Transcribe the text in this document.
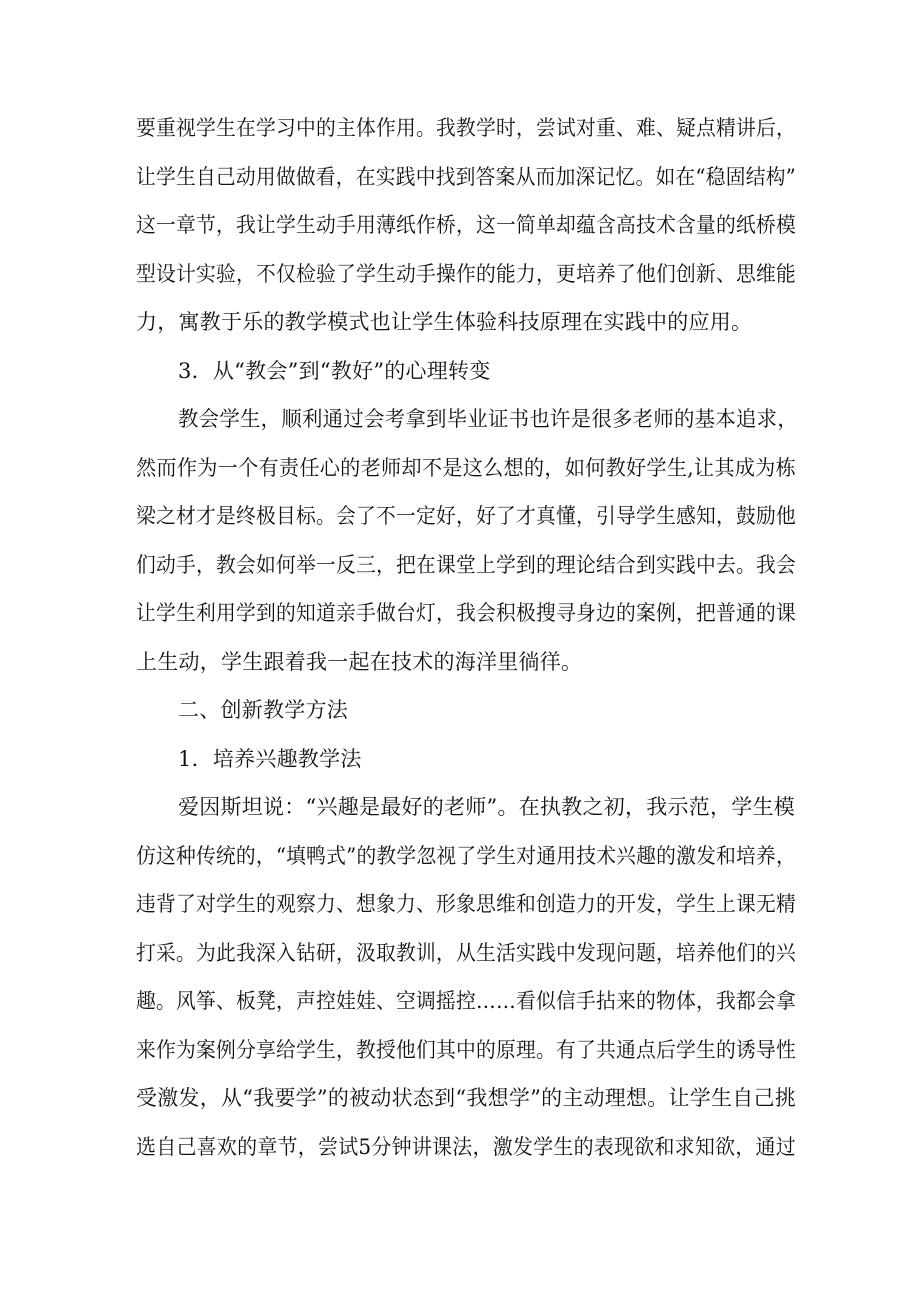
要重视学生在学习中的主体作用。我教学时，尝试对重、难、疑点精讲后，
让学生自己动用做做看，在实践中找到答案从而加深记忆。如在“稳固结构”
这一章节，我让学生动手用薄纸作桥，这一简单却蕴含高技术含量的纸桥模
型设计实验，不仅检验了学生动手操作的能力，更培养了他们创新、思维能
力，寓教于乐的教学模式也让学生体验科技原理在实践中的应用。
3．从“教会”到“教好”的心理转变
教会学生，顺利通过会考拿到毕业证书也许是很多老师的基本追求，
然而作为一个有责任心的老师却不是这么想的，如何教好学生,让其成为栋
梁之材才是终极目标。会了不一定好，好了才真懂，引导学生感知，鼓励他
们动手，教会如何举一反三，把在课堂上学到的理论结合到实践中去。我会
让学生利用学到的知道亲手做台灯，我会积极搜寻身边的案例，把普通的课
上生动，学生跟着我一起在技术的海洋里徜徉。
二、创新教学方法
1．培养兴趣教学法
爱因斯坦说：“兴趣是最好的老师”。在执教之初，我示范，学生模
仿这种传统的，“填鸭式”的教学忽视了学生对通用技术兴趣的激发和培养，
违背了对学生的观察力、想象力、形象思维和创造力的开发，学生上课无精
打采。为此我深入钻研，汲取教训，从生活实践中发现问题，培养他们的兴
趣。风筝、板凳，声控娃娃、空调摇控……看似信手拈来的物体，我都会拿
来作为案例分享给学生，教授他们其中的原理。有了共通点后学生的诱导性
受激发，从“我要学”的被动状态到“我想学”的主动理想。让学生自己挑
选自己喜欢的章节，尝试5分钟讲课法，激发学生的表现欲和求知欲，通过
